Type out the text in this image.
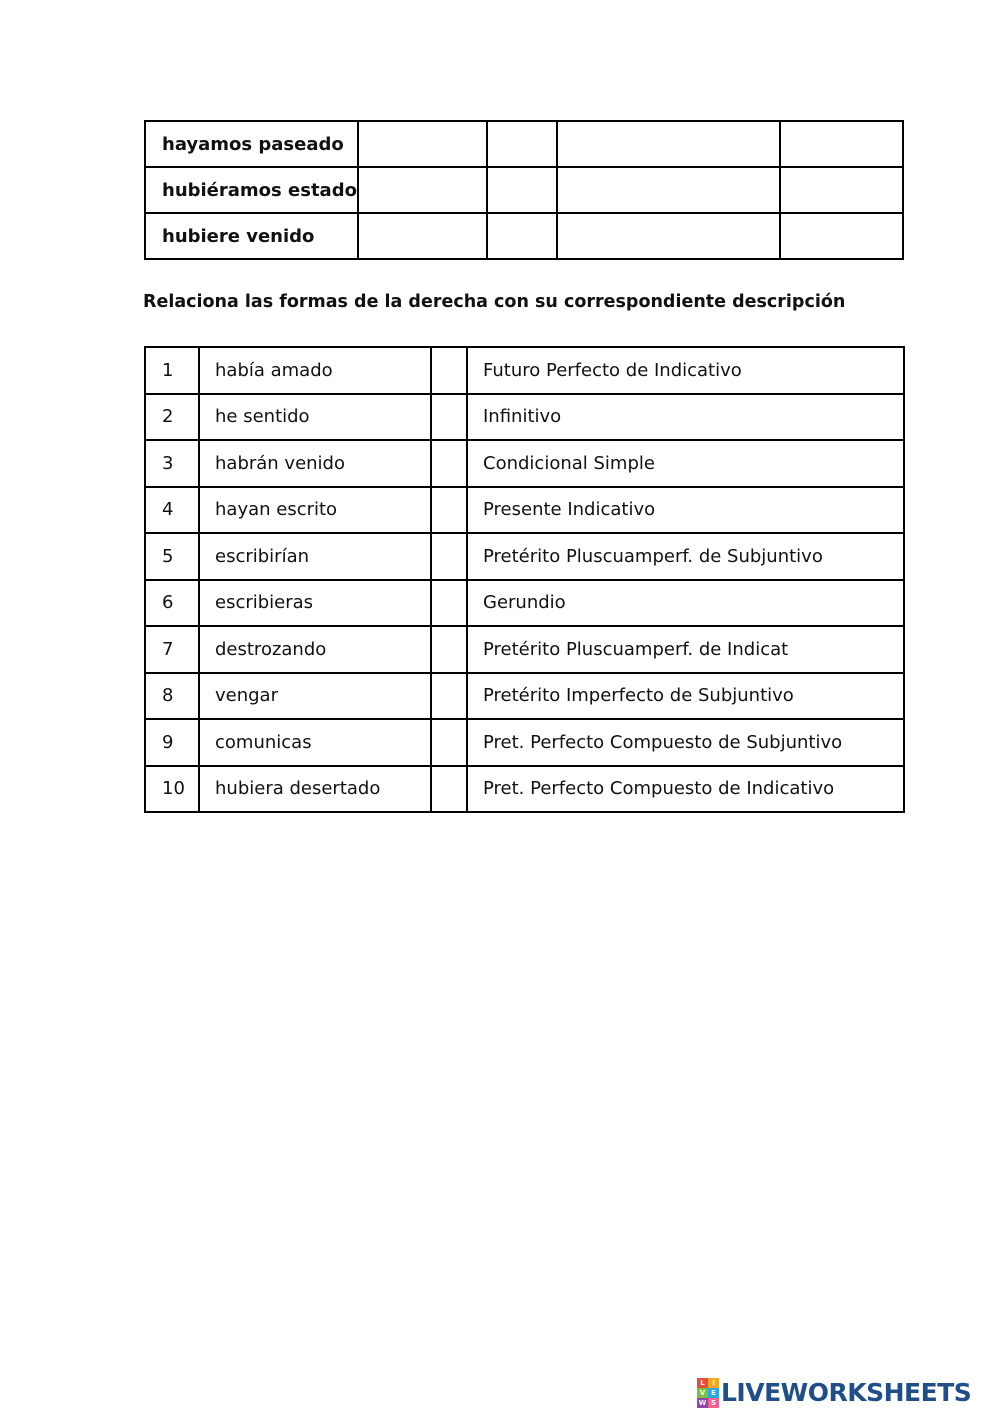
hayamos paseado				
hubiéramos estado				
hubiere venido				
Relaciona las formas de la derecha con su correspondiente descripción
1	había amado		Futuro Perfecto de Indicativo
2	he sentido		Infinitivo
3	habrán venido		Condicional Simple
4	hayan escrito		Presente Indicativo
5	escribirían		Pretérito Pluscuamperf. de Subjuntivo
6	escribieras		Gerundio
7	destrozando		Pretérito Pluscuamperf. de Indicat
8	vengar		Pretérito Imperfecto de Subjuntivo
9	comunicas		Pret. Perfecto Compuesto de Subjuntivo
10	hubiera desertado		Pret. Perfecto Compuesto de Indicativo
L	I
V E
W S LIVEWORKSHEETS
